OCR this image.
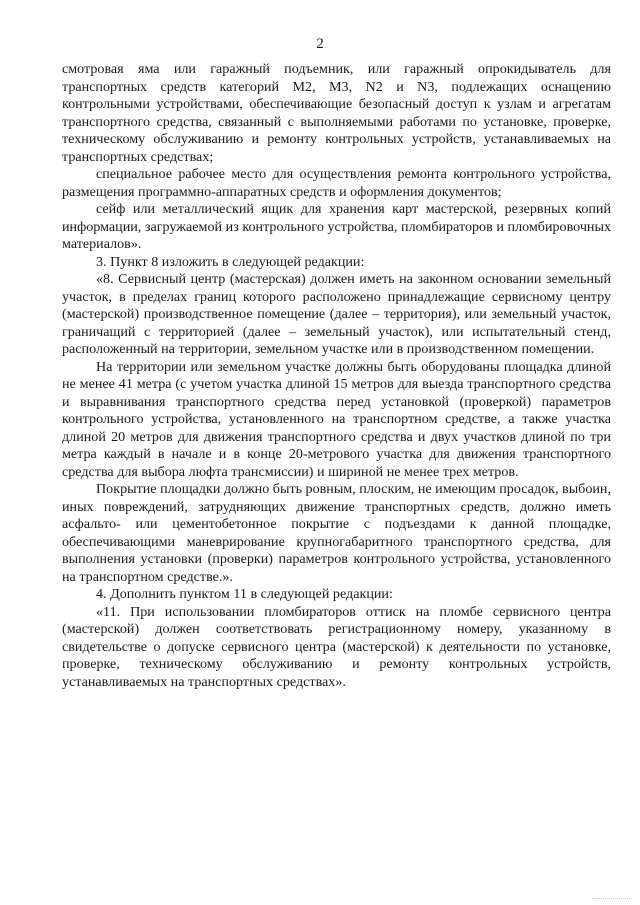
2

смотровая яма или гаражный подъемник, или гаражный опрокидыватель для транспортных средств категорий M2, M3, N2 и N3, подлежащих оснащению контрольными устройствами, обеспечивающие безопасный доступ к узлам и агрегатам транспортного средства, связанный с выполняемыми работами по установке, проверке, техническому обслуживанию и ремонту контрольных устройств, устанавливаемых на транспортных средствах;

специальное рабочее место для осуществления ремонта контрольного устройства, размещения программно-аппаратных средств и оформления документов;

сейф или металлический ящик для хранения карт мастерской, резервных копий информации, загружаемой из контрольного устройства, пломбираторов и пломбировочных материалов».

3. Пункт 8 изложить в следующей редакции:

«8. Сервисный центр (мастерская) должен иметь на законном основании земельный участок, в пределах границ которого расположено принадлежащие сервисному центру (мастерской) производственное помещение (далее – территория), или земельный участок, граничащий с территорией (далее – земельный участок), или испытательный стенд, расположенный на территории, земельном участке или в производственном помещении.

На территории или земельном участке должны быть оборудованы площадка длиной не менее 41 метра (с учетом участка длиной 15 метров для выезда транспортного средства и выравнивания транспортного средства перед установкой (проверкой) параметров контрольного устройства, установленного на транспортном средстве, а также участка длиной 20 метров для движения транспортного средства и двух участков длиной по три метра каждый в начале и в конце 20-метрового участка для движения транспортного средства для выбора люфта трансмиссии) и шириной не менее трех метров.

Покрытие площадки должно быть ровным, плоским, не имеющим просадок, выбоин, иных повреждений, затрудняющих движение транспортных средств, должно иметь асфальто- или цементобетонное покрытие с подъездами к данной площадке, обеспечивающими маневрирование крупногабаритного транспортного средства, для выполнения установки (проверки) параметров контрольного устройства, установленного на транспортном средстве.».

4. Дополнить пунктом 11 в следующей редакции:

«11. При использовании пломбираторов оттиск на пломбе сервисного центра (мастерской) должен соответствовать регистрационному номеру, указанному в свидетельстве о допуске сервисного центра (мастерской) к деятельности по установке, проверке, техническому обслуживанию и ремонту контрольных устройств, устанавливаемых на транспортных средствах».
